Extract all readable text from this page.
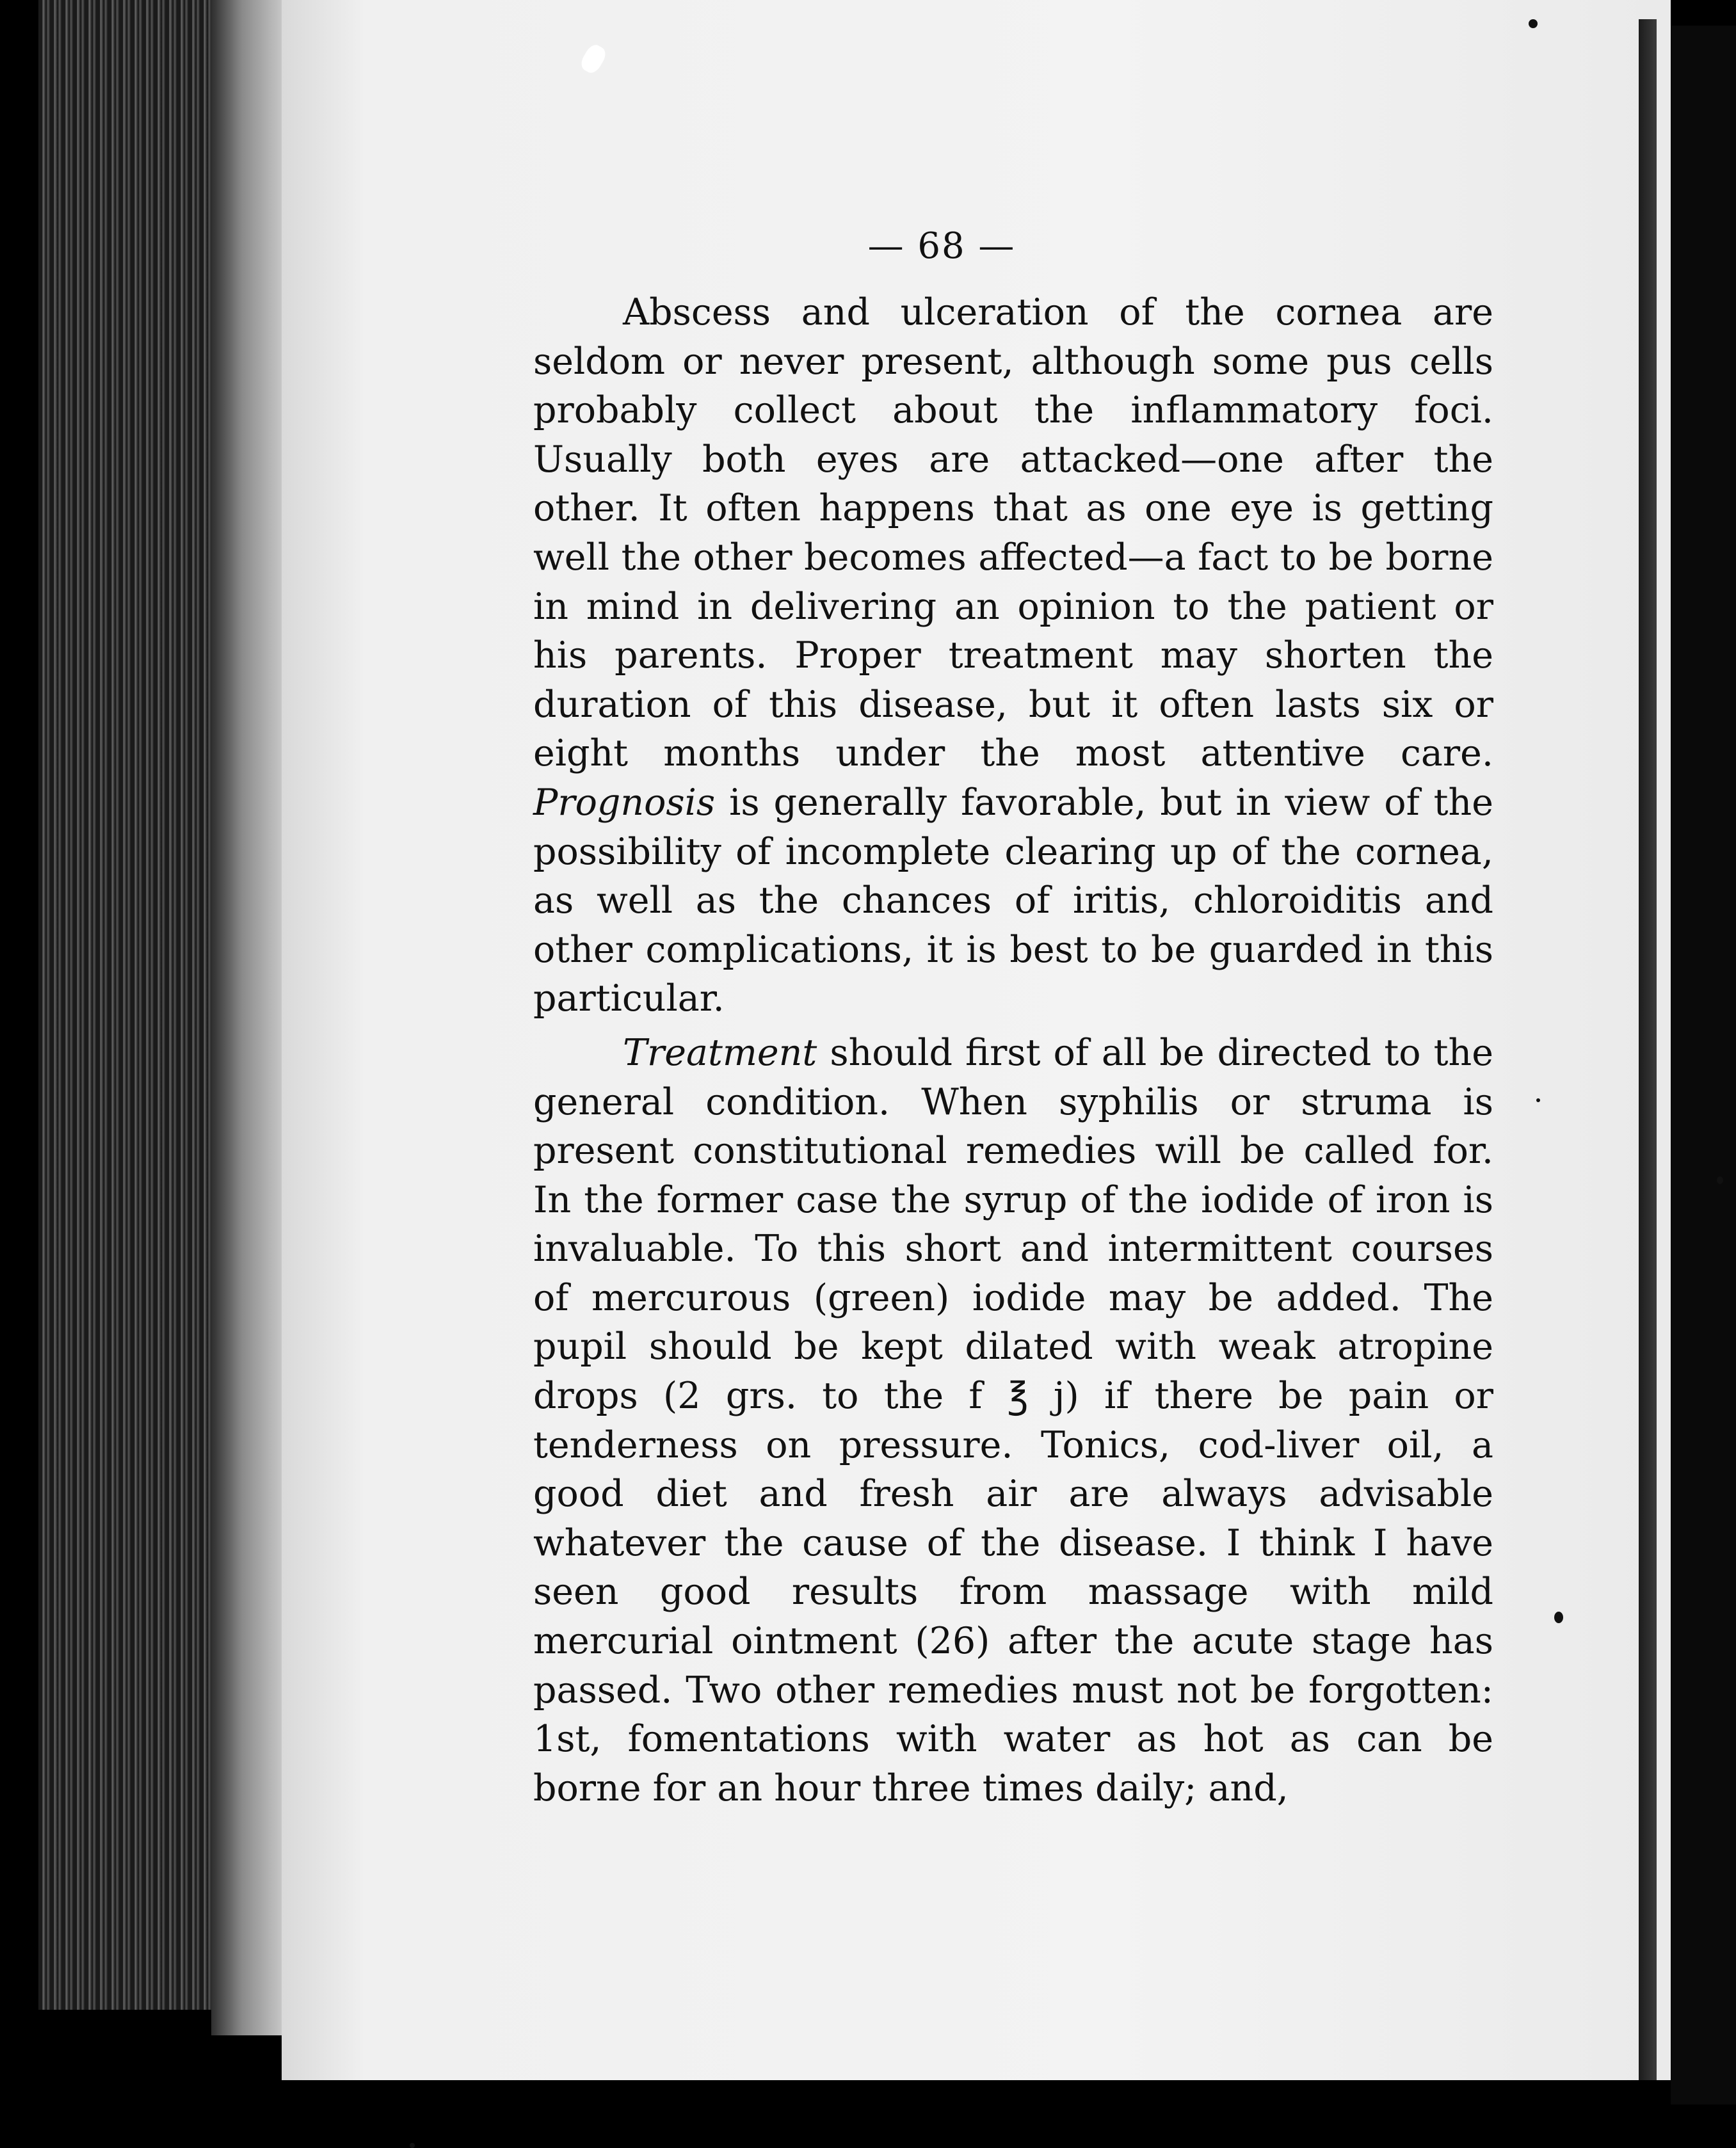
— 68 —

Abscess and ulceration of the cornea are seldom or never present, although some pus cells probably collect about the inflammatory foci. Usually both eyes are attacked—one after the other. It often happens that as one eye is getting well the other becomes affected—a fact to be borne in mind in delivering an opinion to the patient or his parents. Proper treatment may shorten the duration of this disease, but it often lasts six or eight months under the most attentive care. Prognosis is generally favorable, but in view of the possibility of incomplete clearing up of the cornea, as well as the chances of iritis, chloroiditis and other complications, it is best to be guarded in this particular.

Treatment should first of all be directed to the general condition. When syphilis or struma is present constitutional remedies will be called for. In the former case the syrup of the iodide of iron is invaluable. To this short and intermittent courses of mercurous (green) iodide may be added. The pupil should be kept dilated with weak atropine drops (2 grs. to the f ℥ j) if there be pain or tenderness on pressure. Tonics, cod-liver oil, a good diet and fresh air are always advisable whatever the cause of the disease. I think I have seen good results from massage with mild mercurial ointment (26) after the acute stage has passed. Two other remedies must not be forgotten: 1st, fomentations with water as hot as can be borne for an hour three times daily; and,
